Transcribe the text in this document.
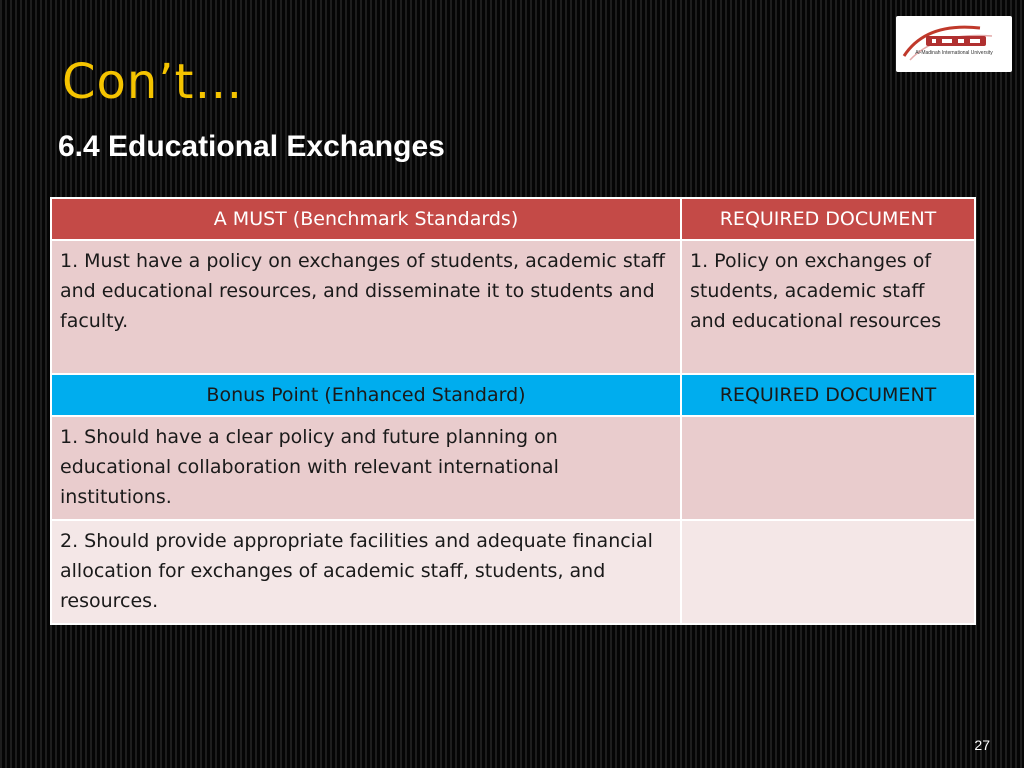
Con’t…
6.4 Educational Exchanges
Al-Madinah International University
A MUST (Benchmark Standards)	REQUIRED DOCUMENT
1. Must have a policy on exchanges of students, academic staff and educational resources, and disseminate it to students and faculty.	1. Policy on exchanges of students, academic staff and educational resources
Bonus Point (Enhanced Standard)	REQUIRED DOCUMENT
1. Should have a clear policy and future planning on educational collaboration with relevant international institutions.	
2. Should provide appropriate facilities and adequate financial allocation for exchanges of academic staff, students, and resources.	
27
